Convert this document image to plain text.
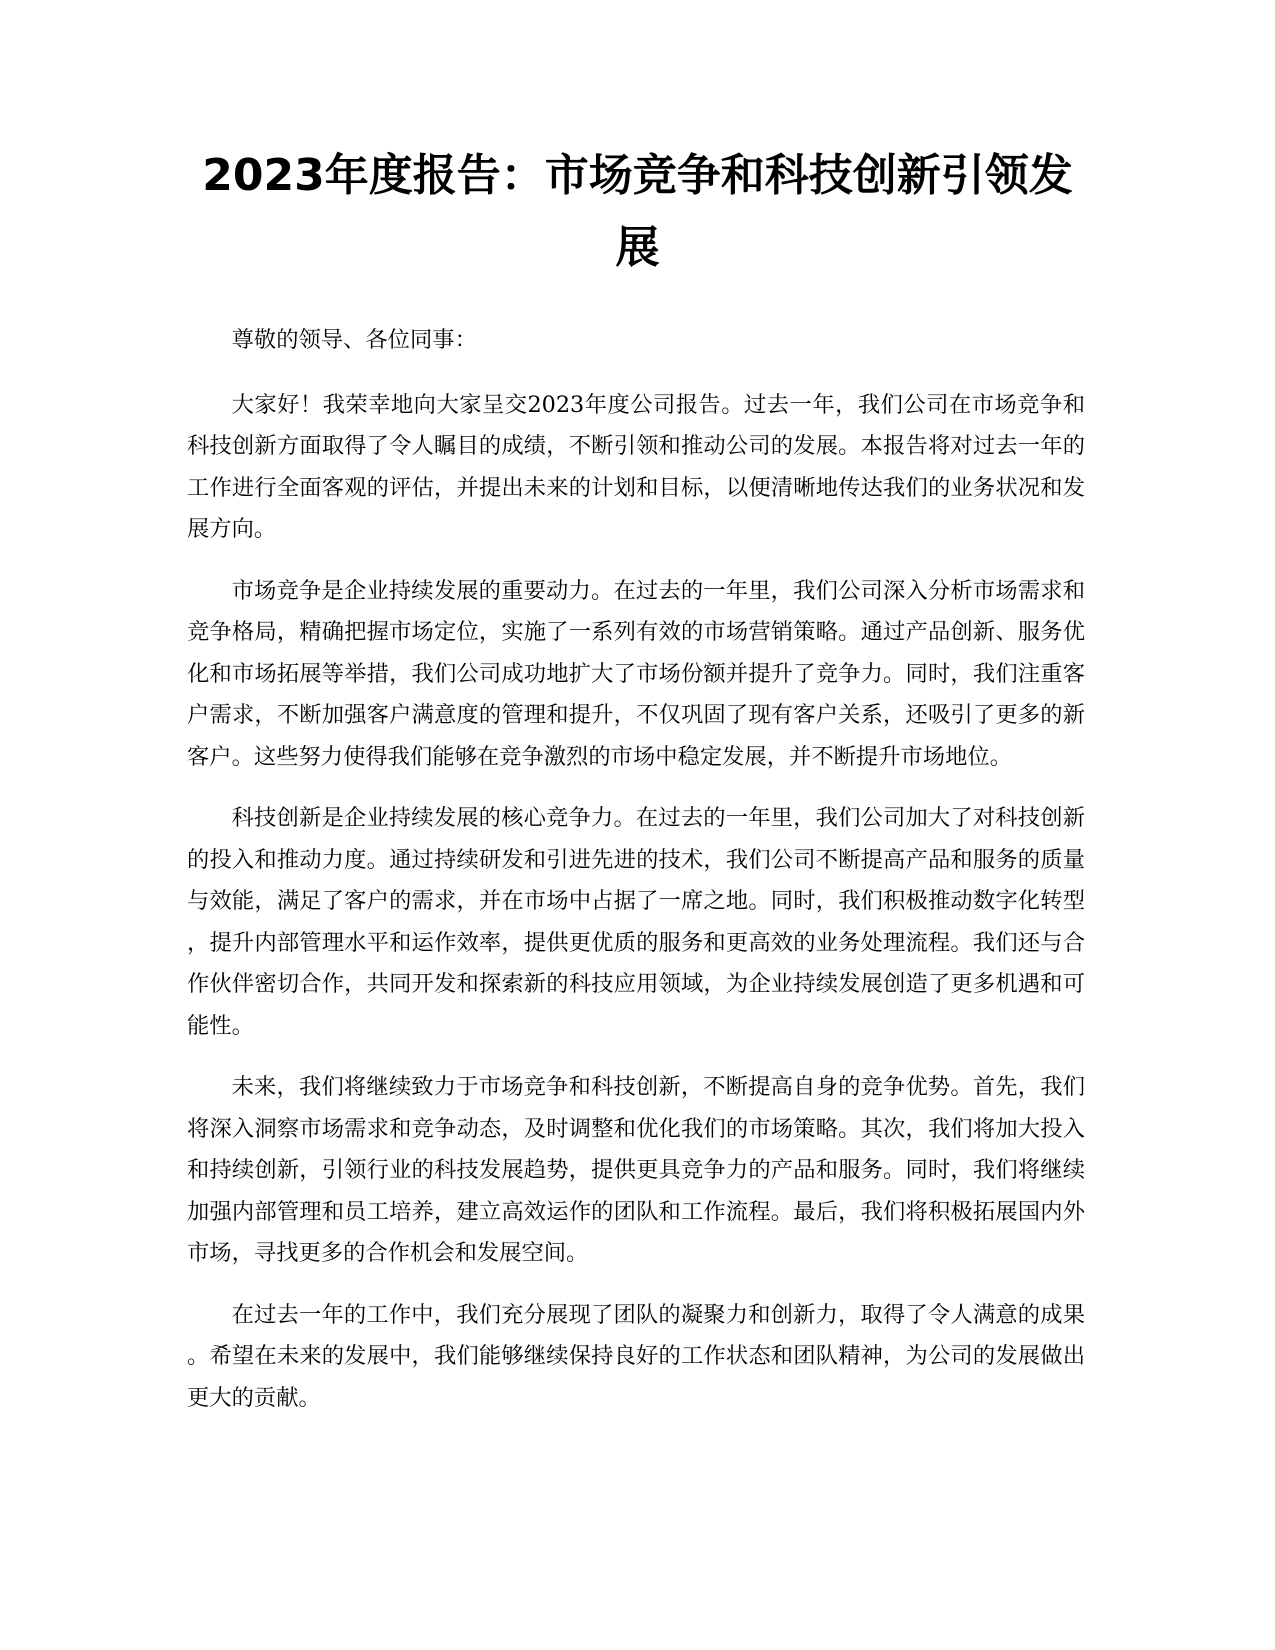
2023年度报告：市场竞争和科技创新引领发展

尊敬的领导、各位同事：

大家好！我荣幸地向大家呈交2023年度公司报告。过去一年，我们公司在市场竞争和科技创新方面取得了令人瞩目的成绩，不断引领和推动公司的发展。本报告将对过去一年的工作进行全面客观的评估，并提出未来的计划和目标，以便清晰地传达我们的业务状况和发展方向。

市场竞争是企业持续发展的重要动力。在过去的一年里，我们公司深入分析市场需求和竞争格局，精确把握市场定位，实施了一系列有效的市场营销策略。通过产品创新、服务优化和市场拓展等举措，我们公司成功地扩大了市场份额并提升了竞争力。同时，我们注重客户需求，不断加强客户满意度的管理和提升，不仅巩固了现有客户关系，还吸引了更多的新客户。这些努力使得我们能够在竞争激烈的市场中稳定发展，并不断提升市场地位。

科技创新是企业持续发展的核心竞争力。在过去的一年里，我们公司加大了对科技创新的投入和推动力度。通过持续研发和引进先进的技术，我们公司不断提高产品和服务的质量与效能，满足了客户的需求，并在市场中占据了一席之地。同时，我们积极推动数字化转型，提升内部管理水平和运作效率，提供更优质的服务和更高效的业务处理流程。我们还与合作伙伴密切合作，共同开发和探索新的科技应用领域，为企业持续发展创造了更多机遇和可能性。

未来，我们将继续致力于市场竞争和科技创新，不断提高自身的竞争优势。首先，我们将深入洞察市场需求和竞争动态，及时调整和优化我们的市场策略。其次，我们将加大投入和持续创新，引领行业的科技发展趋势，提供更具竞争力的产品和服务。同时，我们将继续加强内部管理和员工培养，建立高效运作的团队和工作流程。最后，我们将积极拓展国内外市场，寻找更多的合作机会和发展空间。

在过去一年的工作中，我们充分展现了团队的凝聚力和创新力，取得了令人满意的成果。希望在未来的发展中，我们能够继续保持良好的工作状态和团队精神，为公司的发展做出更大的贡献。
